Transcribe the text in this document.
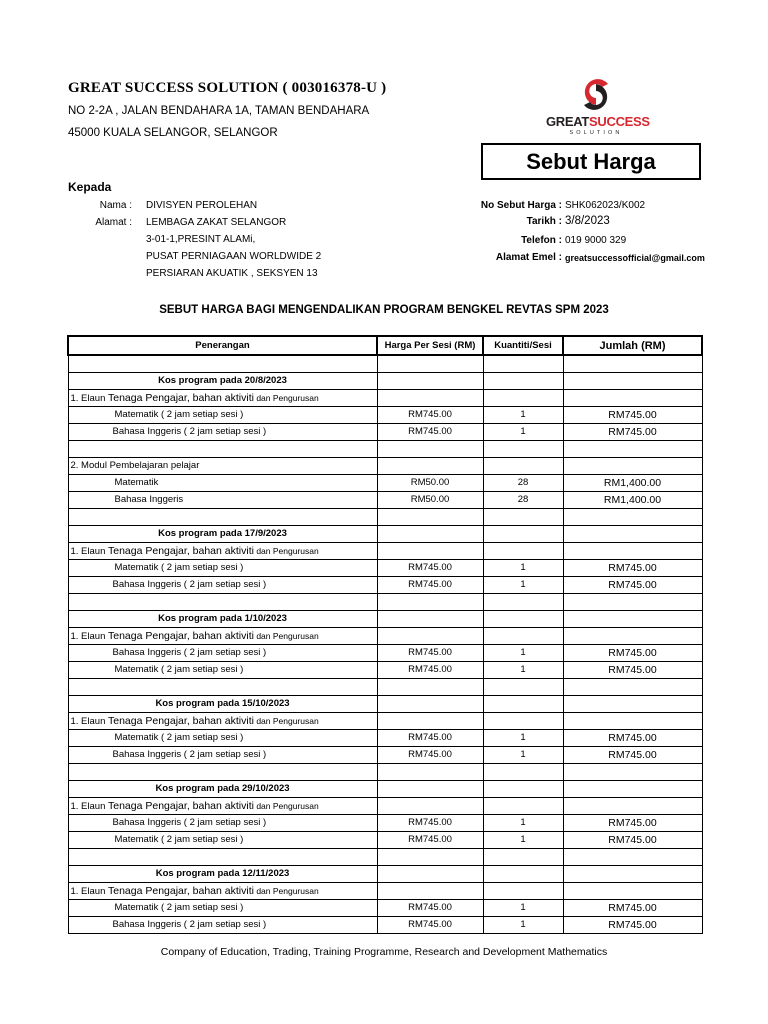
GREAT SUCCESS SOLUTION ( 003016378-U )
NO 2-2A , JALAN BENDAHARA 1A, TAMAN BENDAHARA
45000 KUALA SELANGOR, SELANGOR
GREATSUCCESS
SOLUTION
Sebut Harga
Kepada
Nama : DIVISYEN PEROLEHAN
Alamat : LEMBAGA ZAKAT SELANGOR
3-01-1,PRESINT ALAMi,
PUSAT PERNIAGAAN WORLDWIDE 2
PERSIARAN AKUATIK , SEKSYEN 13
No Sebut Harga : SHK062023/K002
Tarikh : 3/8/2023
Telefon : 019 9000 329
Alamat Emel : greatsuccessofficial@gmail.com
SEBUT HARGA BAGI MENGENDALIKAN PROGRAM BENGKEL REVTAS SPM 2023
Penerangan	Harga Per Sesi (RM)	Kuantiti/Sesi	Jumlah (RM)

Kos program pada 20/8/2023			
1. Elaun Tenaga Pengajar, bahan aktiviti dan Pengurusan			
Matematik ( 2 jam setiap sesi )	RM745.00	1	RM745.00
Bahasa Inggeris ( 2 jam setiap sesi )	RM745.00	1	RM745.00

2. Modul Pembelajaran pelajar			
Matematik	RM50.00	28	RM1,400.00
Bahasa Inggeris	RM50.00	28	RM1,400.00

Kos program pada 17/9/2023			
1. Elaun Tenaga Pengajar, bahan aktiviti dan Pengurusan			
Matematik ( 2 jam setiap sesi )	RM745.00	1	RM745.00
Bahasa Inggeris ( 2 jam setiap sesi )	RM745.00	1	RM745.00

Kos program pada 1/10/2023			
1. Elaun Tenaga Pengajar, bahan aktiviti dan Pengurusan			
Bahasa Inggeris ( 2 jam setiap sesi )	RM745.00	1	RM745.00
Matematik ( 2 jam setiap sesi )	RM745.00	1	RM745.00

Kos program pada 15/10/2023			
1. Elaun Tenaga Pengajar, bahan aktiviti dan Pengurusan			
Matematik ( 2 jam setiap sesi )	RM745.00	1	RM745.00
Bahasa Inggeris ( 2 jam setiap sesi )	RM745.00	1	RM745.00

Kos program pada 29/10/2023			
1. Elaun Tenaga Pengajar, bahan aktiviti dan Pengurusan			
Bahasa Inggeris ( 2 jam setiap sesi )	RM745.00	1	RM745.00
Matematik ( 2 jam setiap sesi )	RM745.00	1	RM745.00

Kos program pada 12/11/2023			
1. Elaun Tenaga Pengajar, bahan aktiviti dan Pengurusan			
Matematik ( 2 jam setiap sesi )	RM745.00	1	RM745.00
Bahasa Inggeris ( 2 jam setiap sesi )	RM745.00	1	RM745.00
Company of Education, Trading, Training Programme, Research and Development Mathematics
